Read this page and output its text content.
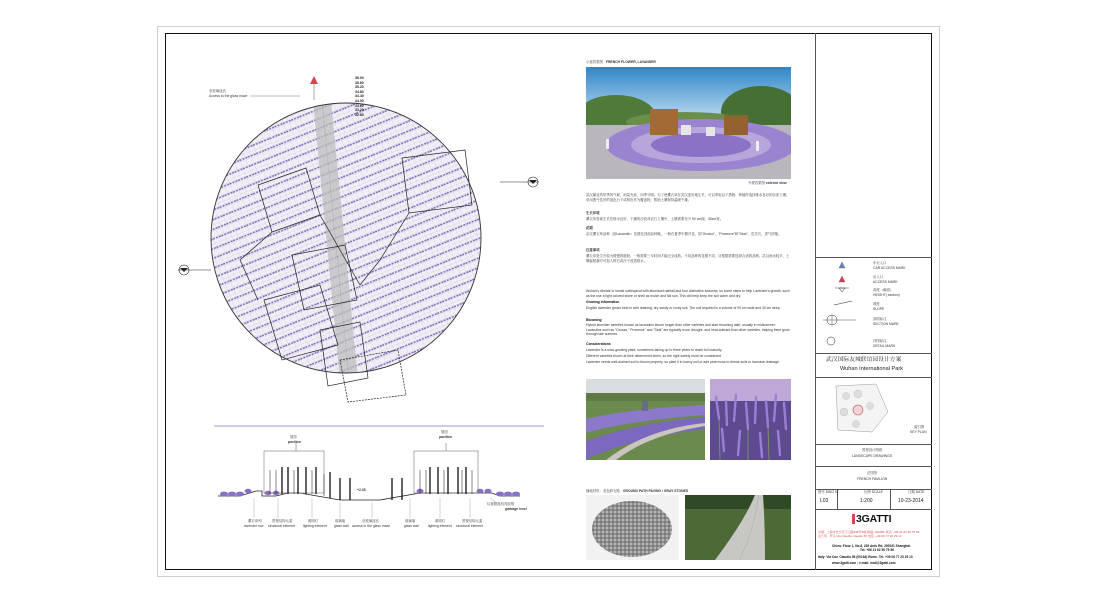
至玻璃迷宫
Access to the glass maze
36.00
35.60
35.20
34.80
34.40
34.00
33.60
33.20
32.80
展馆
pavilion
展馆
pavilion
+2.35
垃圾箱及机具收纳
garbage level
薰衣草列
lavender row
景观结构元素
structural element
照明灯
lighting element
玻璃墙
glass wall
至玻璃迷宫
access to the glass maze
玻璃墙
glass wall
照明灯
lighting element
景观结构元素
structural element
示意效果图 FRENCH FLOWER, LAVANDER
外观效果图 exterior view
武汉属亚热带季风气候，雨量充沛、四季分明。为了使薰衣草在武汉更好地生长，可以采取以下措施：种植时选择排水良好的沙质土壤，采用透气性好的浅色石子或树皮作为覆盖物，帮助土壤保持温暖干燥。
生长环境
薰衣草喜欢生长在排水良好、干燥的沙质或岩石土壤中，土壤需要至少 90 cm深、30cm宽。
花期
杂交薰衣草品种（如Lavandin）花期比其他品种晚，一般在夏季中期开花，如"Grosso"、"Provence"和"Seal"，花茎长、香气浓郁。
注意事项
薰衣草是生长较为缓慢的植物，一般需要三年时间才能完全成熟。不同品种的花期不同，应根据需要选择合适的品种。武汉雨水较多，土壤偏黏重时可加入碎石或沙子改善排水。
Wuhan's climate is humid subtropical with abundant rainfall and four distinctive seasons; so some steps to help Lavender's growth, such as the use a light colored stone or shell as mulch and full sun. This will help keep the soil warm and dry.
Growing Information
English lavender grows best in well draining, dry sandy or rocky soil. The soil required is a volume of 90 cm wide and 30 cm deep.
Blooming
Hybrid lavender varieties known as lavandins bloom longer than other varieties and start blooming later, usually in midsummer. Lavandins such as "Grosso," Provence" and "Seal" are typically more drought- and heat-tolerant than other varieties, helping them grow through late summer.
Considerations
Lavender is a slow-growing plant, sometimes taking up to three years to reach full maturity.
Different varieties bloom at their determined times, so the right variety must be considered
Lavender needs well-drained soil to bloom properly, so plant it in loamy soil or add peat moss to dense soils to increase drainage.
铺地材料：灰色碎石路 GROUND PATH PAVING / GRAY STONES
车行入口
CAR ACCESS MARK
出入口
ACCESS MARK
高度（截面）
HEIGHT( section)
坡度
SLOPE
剖面标注
SECTION MARK
详图标注
DETAIL MARK
武汉国际友城联谊园设计方案
Wuhan International Park
索引图
KEY PLAN
景观设计图纸
LANDSCAPE DRAWINGS
法国馆
FRENCH PAVILION
图号 DWG N°
L03
比例 SCALE
1:200
日期 DATE
10-23-2014
3GATTI
中国 · 上海市长宁区天山路336号8楼 邮编: 200051 电话: +86 21 62 50 75 56
意大利 · 罗马 Via Claudio Ciaudio 56 电话: +39 06 77 20 29 13
China: Floor 1, No.8, 239 Anfu Rd, 200031 Shanghai.
Tel: +86 21 62 50 75 56
Italy: Via Cav. Ciaudio 56 (00184) Rome. Tel: +39 06 77 20 29 13
www.3gatti.com ; e-mail: mail@3gatti.com
